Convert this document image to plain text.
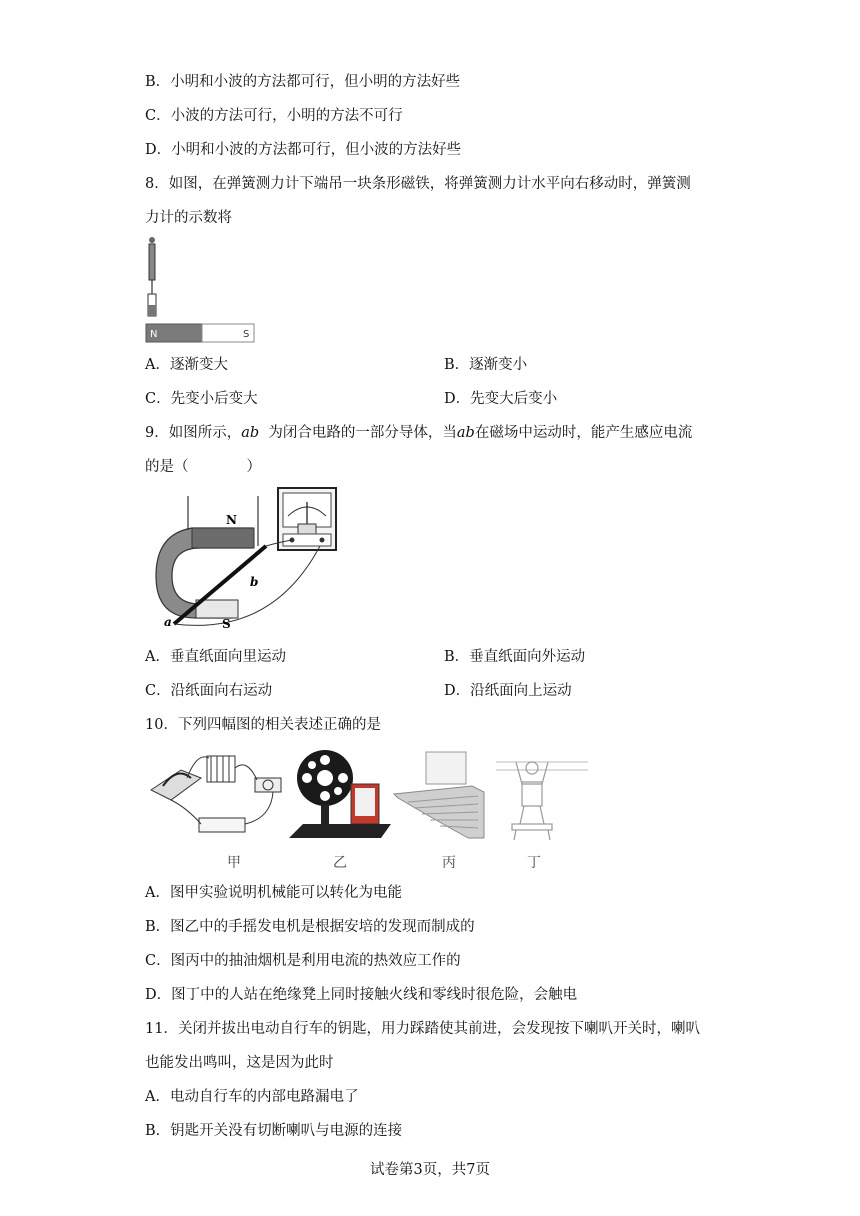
B．小明和小波的方法都可行，但小明的方法好些
C．小波的方法可行，小明的方法不可行
D．小明和小波的方法都可行，但小波的方法好些
8．如图，在弹簧测力计下端吊一块条形磁铁，将弹簧测力计水平向右移动时，弹簧测
力计的示数将
N	S
A．逐渐变大	B．逐渐变小
C．先变小后变大	D．先变大后变小
9．如图所示，ab 为闭合电路的一部分导体，当ab在磁场中运动时，能产生感应电流
的是（	）
N
S
a
b
A．垂直纸面向里运动	B．垂直纸面向外运动
C．沿纸面向右运动	D．沿纸面向上运动
10．下列四幅图的相关表述正确的是
甲	乙	丙	丁
A．图甲实验说明机械能可以转化为电能
B．图乙中的手摇发电机是根据安培的发现而制成的
C．图丙中的抽油烟机是利用电流的热效应工作的
D．图丁中的人站在绝缘凳上同时接触火线和零线时很危险，会触电
11．关闭并拔出电动自行车的钥匙，用力踩踏使其前进，会发现按下喇叭开关时，喇叭
也能发出鸣叫，这是因为此时
A．电动自行车的内部电路漏电了
B．钥匙开关没有切断喇叭与电源的连接
试卷第3页，共7页
